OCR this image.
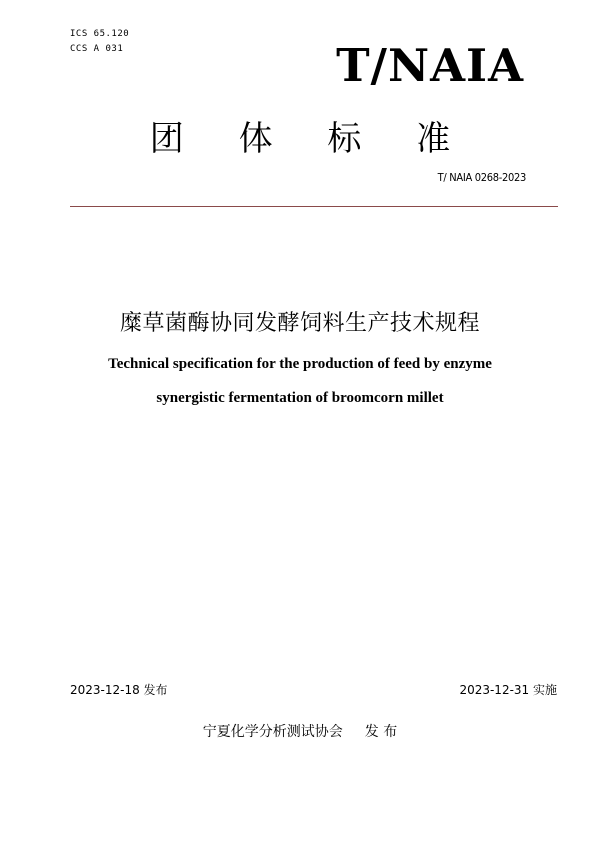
ICS 65.120
CCS A 031	T/NAIA
团 体 标 准
T/ NAIA 0268-2023
糜草菌酶协同发酵饲料生产技术规程
Technical specification for the production of feed by enzyme
synergistic fermentation of broomcorn millet
2023-12-18 发布	2023-12-31 实施
宁夏化学分析测试协会 发 布
